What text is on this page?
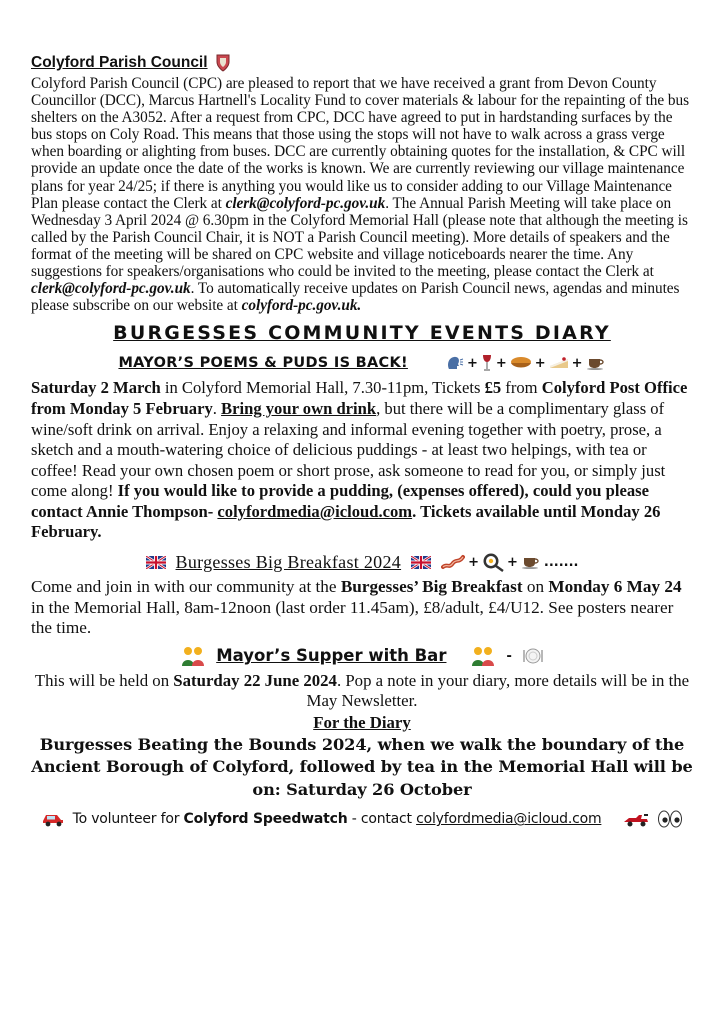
Colyford Parish Council
Colyford Parish Council (CPC) are pleased to report that we have received a grant from Devon County Councillor (DCC), Marcus Hartnell's Locality Fund to cover materials & labour for the repainting of the bus shelters on the A3052. After a request from CPC, DCC have agreed to put in hardstanding surfaces by the bus stops on Coly Road. This means that those using the stops will not have to walk across a grass verge when boarding or alighting from buses. DCC are currently obtaining quotes for the installation, & CPC will provide an update once the date of the works is known. We are currently reviewing our village maintenance plans for year 24/25; if there is anything you would like us to consider adding to our Village Maintenance Plan please contact the Clerk at clerk@colyford-pc.gov.uk. The Annual Parish Meeting will take place on Wednesday 3 April 2024 @ 6.30pm in the Colyford Memorial Hall (please note that although the meeting is called by the Parish Council Chair, it is NOT a Parish Council meeting). More details of speakers and the format of the meeting will be shared on CPC website and village noticeboards nearer the time. Any suggestions for speakers/organisations who could be invited to the meeting, please contact the Clerk at clerk@colyford-pc.gov.uk. To automatically receive updates on Parish Council news, agendas and minutes please subscribe on our website at colyford-pc.gov.uk.
BURGESSES COMMUNITY EVENTS DIARY
MAYOR’S POEMS & PUDS IS BACK!	+ + + +
Saturday 2 March in Colyford Memorial Hall, 7.30-11pm, Tickets £5 from Colyford Post Office from Monday 5 February. Bring your own drink, but there will be a complimentary glass of wine/soft drink on arrival. Enjoy a relaxing and informal evening together with poetry, prose, a sketch and a mouth-watering choice of delicious puddings - at least two helpings, with tea or coffee! Read your own chosen poem or short prose, ask someone to read for you, or simply just come along! If you would like to provide a pudding, (expenses offered), could you please contact Annie Thompson- colyfordmedia@icloud.com. Tickets available until Monday 26 February.
Burgesses Big Breakfast 2024	+ + .......
Come and join in with our community at the Burgesses’ Big Breakfast on Monday 6 May 24 in the Memorial Hall, 8am-12noon (last order 11.45am), £8/adult, £4/U12. See posters nearer the time.
Mayor’s Supper with Bar	-
This will be held on Saturday 22 June 2024. Pop a note in your diary, more details will be in the May Newsletter.
For the Diary
Burgesses Beating the Bounds 2024, when we walk the boundary of the Ancient Borough of Colyford, followed by tea in the Memorial Hall will be on: Saturday 26 October
To volunteer for Colyford Speedwatch - contact colyfordmedia@icloud.com
